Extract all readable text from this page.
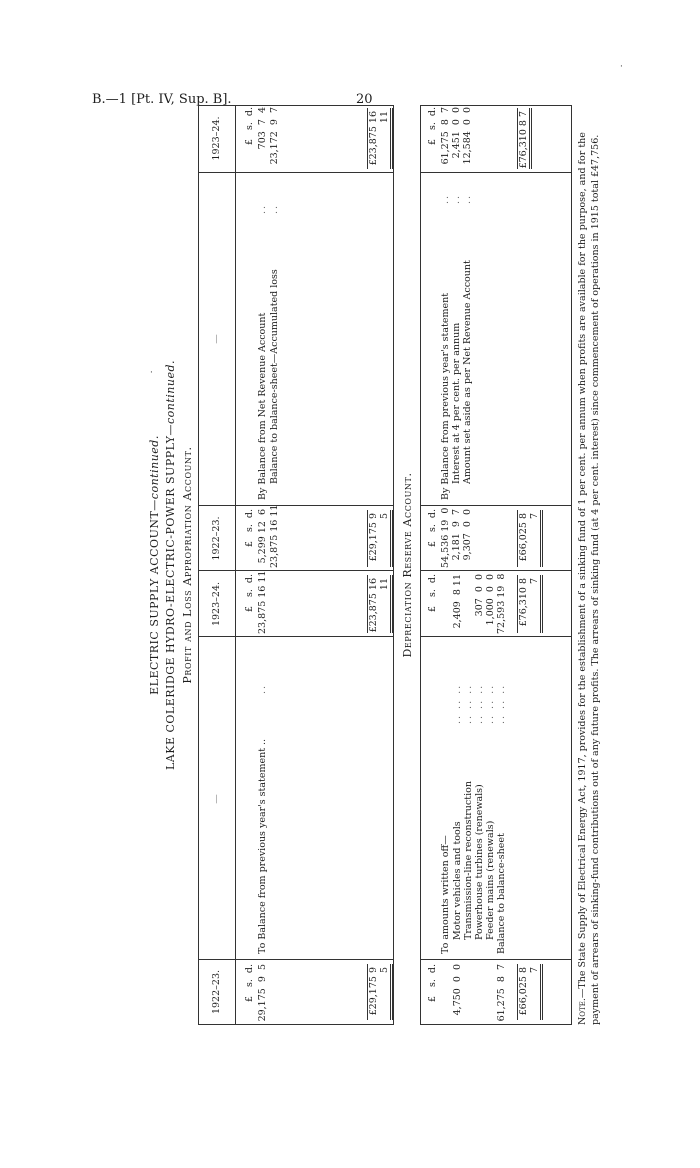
B.—1 [Pt. IV, Sup. B].	20
·
·
ELECTRIC SUPPLY ACCOUNT—continued. LAKE COLERIDGE HYDRO-ELECTRIC-POWER SUPPLY—continued.
Profit and Loss Appropriation Account.
1922–23.
1923–24.
1922–23.
1923–24.
—
—
£   s.  d.
£   s.  d.
£   s.  d.
£   s.  d.
29,175  9  5
To Balance from previous year's statement ..
..
23,875 16 11
5,299 12  6 23,875 16 11
By Balance from Net Revenue Account Balance to balance-sheet—Accumulated loss
.. ..
703  7  4 23,172  9  7
£29,175 9 5
£23,875 16 11
£29,175 9 5
£23,875 16 11
Depreciation Reserve Account.
£   s.  d.
£   s.  d.
£   s.  d.
£   s.  d.
To amounts written off— Motor vehicles and tools Transmission-line reconstruction Powerhouse turbines (renewals) Feeder mains (renewals) Balance to balance-sheet
.. .. .. .. .. .. .. .. .. .. .. .. .. .. ..
4,750  0  0	61,275  8  7
2,409  8 11 307  0  0 1,000  0  0 72,593 19  8
By Balance from previous year's statement Interest at 4 per cent. per annum Amount set aside as per Net Revenue Account
.. .. ..
54,536 19  0 2,181  9  7 9,307  0  0
61,275  8  7 2,451  0  0 12,584  0  0
£66,025 8 7
£76,310 8 7
£66,025 8 7
£76,310 8 7
Note.—The State Supply of Electrical Energy Act, 1917, provides for the establishment of a sinking fund of 1 per cent. per annum when profits are available for the purpose, and for the payment of arrears of sinking-fund contributions out of any future profits. The arrears of sinking fund (at 4 per cent. interest) since commencement of operations in 1915 total £47,756.
